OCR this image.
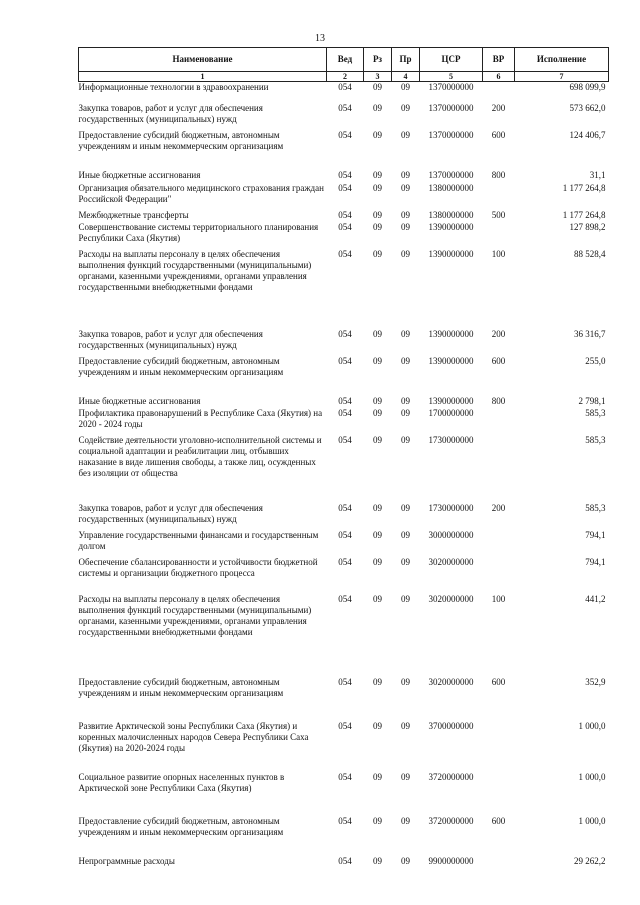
13
Наименование	Вед	Рз	Пр	ЦСР	ВР	Исполнение
1	2	3	4	5	6	7
Информационные технологии в здравоохранении	054	09	09	1370000000		698 099,9
Закупка товаров, работ и услуг для обеспечения государственных (муниципальных) нужд	054	09	09	1370000000	200	573 662,0
Предоставление субсидий бюджетным, автономным учреждениям и иным некоммерческим организациям	054	09	09	1370000000	600	124 406,7
Иные бюджетные ассигнования	054	09	09	1370000000	800	31,1
Организация обязательного медицинского страхования граждан Российской Федерации"	054	09	09	1380000000		1 177 264,8
Межбюджетные трансферты	054	09	09	1380000000	500	1 177 264,8
Совершенствование системы территориального планирования Республики Саха (Якутия)	054	09	09	1390000000		127 898,2
Расходы на выплаты персоналу в целях обеспечения выполнения функций государственными (муниципальными) органами, казенными учреждениями, органами управления государственными внебюджетными фондами	054	09	09	1390000000	100	88 528,4
Закупка товаров, работ и услуг для обеспечения государственных (муниципальных) нужд	054	09	09	1390000000	200	36 316,7
Предоставление субсидий бюджетным, автономным учреждениям и иным некоммерческим организациям	054	09	09	1390000000	600	255,0
Иные бюджетные ассигнования	054	09	09	1390000000	800	2 798,1
Профилактика правонарушений в Республике Саха (Якутия) на 2020 - 2024 годы	054	09	09	1700000000		585,3
Содействие деятельности уголовно-исполнительной системы и социальной адаптации и реабилитации лиц, отбывших наказание в виде лишения свободы, а также лиц, осужденных без изоляции от общества	054	09	09	1730000000		585,3
Закупка товаров, работ и услуг для обеспечения государственных (муниципальных) нужд	054	09	09	1730000000	200	585,3
Управление государственными финансами и государственным долгом	054	09	09	3000000000		794,1
Обеспечение сбалансированности и устойчивости бюджетной системы и организации бюджетного процесса	054	09	09	3020000000		794,1
Расходы на выплаты персоналу в целях обеспечения выполнения функций государственными (муниципальными) органами, казенными учреждениями, органами управления государственными внебюджетными фондами	054	09	09	3020000000	100	441,2
Предоставление субсидий бюджетным, автономным учреждениям и иным некоммерческим организациям	054	09	09	3020000000	600	352,9
Развитие Арктической зоны Республики Саха (Якутия) и коренных малочисленных народов Севера Республики Саха (Якутия) на 2020-2024 годы	054	09	09	3700000000		1 000,0
Социальное развитие опорных населенных пунктов в Арктической зоне Республики Саха (Якутия)	054	09	09	3720000000		1 000,0
Предоставление субсидий бюджетным, автономным учреждениям и иным некоммерческим организациям	054	09	09	3720000000	600	1 000,0
Непрограммные расходы	054	09	09	9900000000		29 262,2
